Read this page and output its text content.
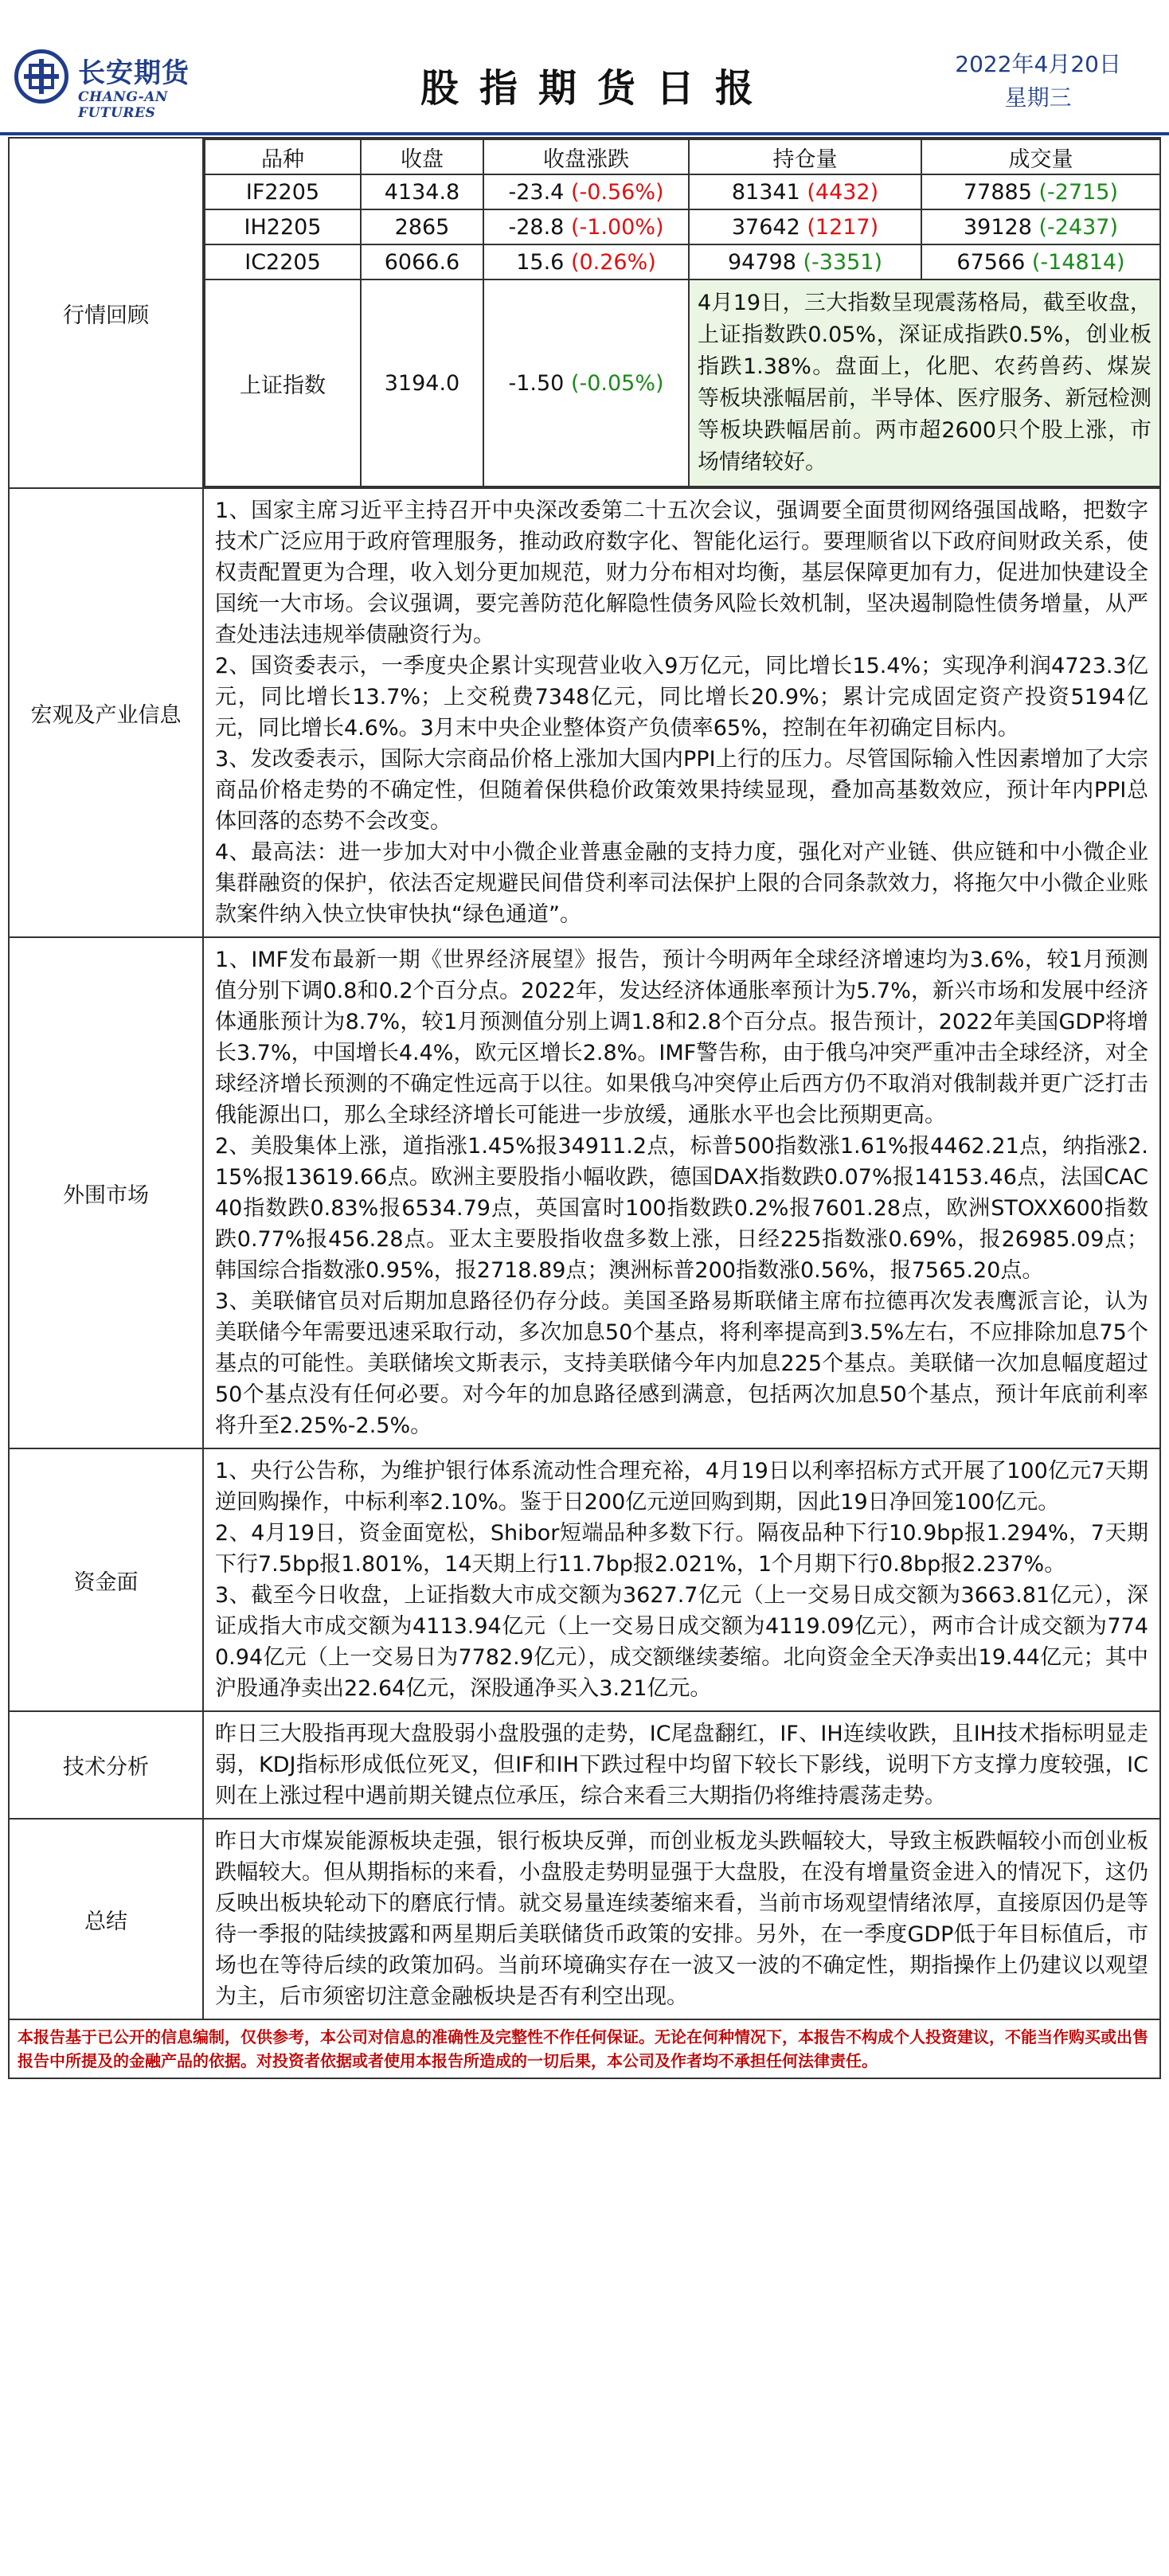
长安期货
CHANG-AN FUTURES
股指期货日报
2022年4月20日
星期三
行情回顾	
品种	收盘	收盘涨跌	持仓量	成交量
IF2205	4134.8	-23.4 (-0.56%)	81341 (4432)	77885 (-2715)
IH2205	2865	-28.8 (-1.00%)	37642 (1217)	39128 (-2437)
IC2205	6066.6	15.6 (0.26%)	94798 (-3351)	67566 (-14814)
上证指数	3194.0	-1.50 (-0.05%)	4月19日，三大指数呈现震荡格局，截至收盘，上证指数跌0.05%，深证成指跌0.5%，创业板指跌1.38%。盘面上，化肥、农药兽药、煤炭等板块涨幅居前，半导体、医疗服务、新冠检测等板块跌幅居前。两市超2600只个股上涨，市场情绪较好。

宏观及产业信息	

1、国家主席习近平主持召开中央深改委第二十五次会议，强调要全面贯彻网络强国战略，把数字技术广泛应用于政府管理服务，推动政府数字化、智能化运行。要理顺省以下政府间财政关系，使权责配置更为合理，收入划分更加规范，财力分布相对均衡，基层保障更加有力，促进加快建设全国统一大市场。会议强调，要完善防范化解隐性债务风险长效机制，坚决遏制隐性债务增量，从严查处违法违规举债融资行为。

2、国资委表示，一季度央企累计实现营业收入9万亿元，同比增长15.4%；实现净利润4723.3亿元，同比增长13.7%；上交税费7348亿元，同比增长20.9%；累计完成固定资产投资5194亿元，同比增长4.6%。3月末中央企业整体资产负债率65%，控制在年初确定目标内。

3、发改委表示，国际大宗商品价格上涨加大国内PPI上行的压力。尽管国际输入性因素增加了大宗商品价格走势的不确定性，但随着保供稳价政策效果持续显现，叠加高基数效应，预计年内PPI总体回落的态势不会改变。

4、最高法：进一步加大对中小微企业普惠金融的支持力度，强化对产业链、供应链和中小微企业集群融资的保护，依法否定规避民间借贷利率司法保护上限的合同条款效力，将拖欠中小微企业账款案件纳入快立快审快执“绿色通道”。

外围市场	

1、IMF发布最新一期《世界经济展望》报告，预计今明两年全球经济增速均为3.6%，较1月预测值分别下调0.8和0.2个百分点。2022年，发达经济体通胀率预计为5.7%，新兴市场和发展中经济体通胀预计为8.7%，较1月预测值分别上调1.8和2.8个百分点。报告预计，2022年美国GDP将增长3.7%，中国增长4.4%，欧元区增长2.8%。IMF警告称，由于俄乌冲突严重冲击全球经济，对全球经济增长预测的不确定性远高于以往。如果俄乌冲突停止后西方仍不取消对俄制裁并更广泛打击俄能源出口，那么全球经济增长可能进一步放缓，通胀水平也会比预期更高。

2、美股集体上涨，道指涨1.45%报34911.2点，标普500指数涨1.61%报4462.21点，纳指涨2.15%报13619.66点。欧洲主要股指小幅收跌，德国DAX指数跌0.07%报14153.46点，法国CAC40指数跌0.83%报6534.79点，英国富时100指数跌0.2%报7601.28点，欧洲STOXX600指数跌0.77%报456.28点。亚太主要股指收盘多数上涨，日经225指数涨0.69%，报26985.09点；韩国综合指数涨0.95%，报2718.89点；澳洲标普200指数涨0.56%，报7565.20点。

3、美联储官员对后期加息路径仍存分歧。美国圣路易斯联储主席布拉德再次发表鹰派言论，认为美联储今年需要迅速采取行动，多次加息50个基点，将利率提高到3.5%左右，不应排除加息75个基点的可能性。美联储埃文斯表示，支持美联储今年内加息225个基点。美联储一次加息幅度超过50个基点没有任何必要。对今年的加息路径感到满意，包括两次加息50个基点，预计年底前利率将升至2.25%-2.5%。

资金面	

1、央行公告称，为维护银行体系流动性合理充裕，4月19日以利率招标方式开展了100亿元7天期逆回购操作，中标利率2.10%。鉴于日200亿元逆回购到期，因此19日净回笼100亿元。

2、4月19日，资金面宽松，Shibor短端品种多数下行。隔夜品种下行10.9bp报1.294%，7天期下行7.5bp报1.801%，14天期上行11.7bp报2.021%，1个月期下行0.8bp报2.237%。

3、截至今日收盘，上证指数大市成交额为3627.7亿元（上一交易日成交额为3663.81亿元），深证成指大市成交额为4113.94亿元（上一交易日成交额为4119.09亿元），两市合计成交额为7740.94亿元（上一交易日为7782.9亿元），成交额继续萎缩。北向资金全天净卖出19.44亿元；其中沪股通净卖出22.64亿元，深股通净买入3.21亿元。

技术分析	昨日三大股指再现大盘股弱小盘股强的走势，IC尾盘翻红，IF、IH连续收跌，且IH技术指标明显走弱，KDJ指标形成低位死叉，但IF和IH下跌过程中均留下较长下影线，说明下方支撑力度较强，IC则在上涨过程中遇前期关键点位承压，综合来看三大期指仍将维持震荡走势。
总结	昨日大市煤炭能源板块走强，银行板块反弹，而创业板龙头跌幅较大，导致主板跌幅较小而创业板跌幅较大。但从期指标的来看，小盘股走势明显强于大盘股，在没有增量资金进入的情况下，这仍反映出板块轮动下的磨底行情。就交易量连续萎缩来看，当前市场观望情绪浓厚，直接原因仍是等待一季报的陆续披露和两星期后美联储货币政策的安排。另外，在一季度GDP低于年目标值后，市场也在等待后续的政策加码。当前环境确实存在一波又一波的不确定性，期指操作上仍建议以观望为主，后市须密切注意金融板块是否有利空出现。
本报告基于已公开的信息编制，仅供参考，本公司对信息的准确性及完整性不作任何保证。无论在何种情况下，本报告不构成个人投资建议，不能当作购买或出售报告中所提及的金融产品的依据。对投资者依据或者使用本报告所造成的一切后果，本公司及作者均不承担任何法律责任。
